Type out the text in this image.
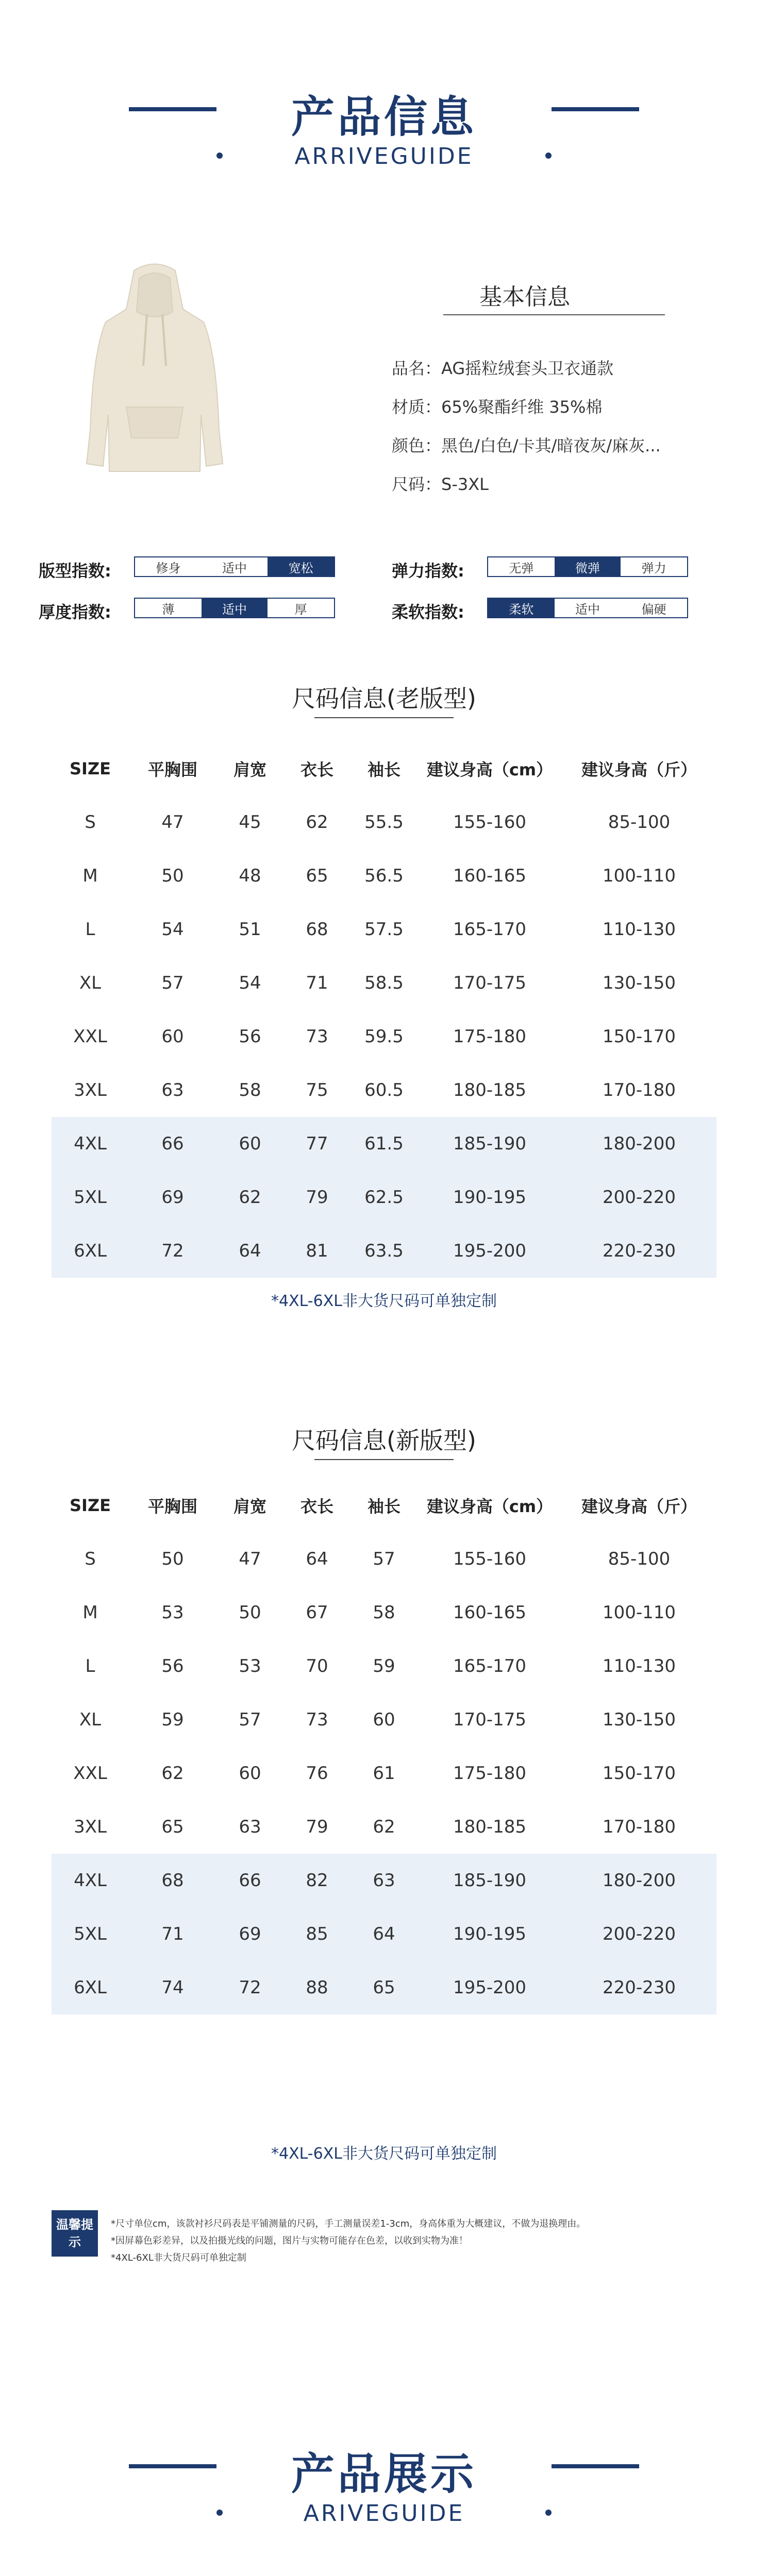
产品信息
ARRIVEGUIDE
基本信息
品名：AG摇粒绒套头卫衣通款
材质：65%聚酯纤维 35%棉
颜色：黑色/白色/卡其/暗夜灰/麻灰...
尺码：S-3XL
版型指数:	修身	适中	宽松	弹力指数:	无弹	微弹	弹力
厚度指数:	薄	适中	厚	柔软指数:	柔软	适中	偏硬
尺码信息(老版型)
SIZE	平胸围	肩宽	衣长	袖长	建议身高（cm）	建议身高（斤）
S	47	45	62	55.5	155-160	85-100
M	50	48	65	56.5	160-165	100-110
L	54	51	68	57.5	165-170	110-130
XL	57	54	71	58.5	170-175	130-150
XXL	60	56	73	59.5	175-180	150-170
3XL	63	58	75	60.5	180-185	170-180
4XL	66	60	77	61.5	185-190	180-200
5XL	69	62	79	62.5	190-195	200-220
6XL	72	64	81	63.5	195-200	220-230
*4XL-6XL非大货尺码可单独定制
尺码信息(新版型)
SIZE	平胸围	肩宽	衣长	袖长	建议身高（cm）	建议身高（斤）
S	50	47	64	57	155-160	85-100
M	53	50	67	58	160-165	100-110
L	56	53	70	59	165-170	110-130
XL	59	57	73	60	170-175	130-150
XXL	62	60	76	61	175-180	150-170
3XL	65	63	79	62	180-185	170-180
4XL	68	66	82	63	185-190	180-200
5XL	71	69	85	64	190-195	200-220
6XL	74	72	88	65	195-200	220-230
*4XL-6XL非大货尺码可单独定制
温馨提示
*尺寸单位cm，该款衬衫尺码表是平铺测量的尺码，手工测量误差1-3cm，身高体重为大概建议，不做为退换理由。
*因屏幕色彩差异，以及拍摄光线的问题，图片与实物可能存在色差，以收到实物为准！
*4XL-6XL非大货尺码可单独定制
产品展示
ARIVEGUIDE
